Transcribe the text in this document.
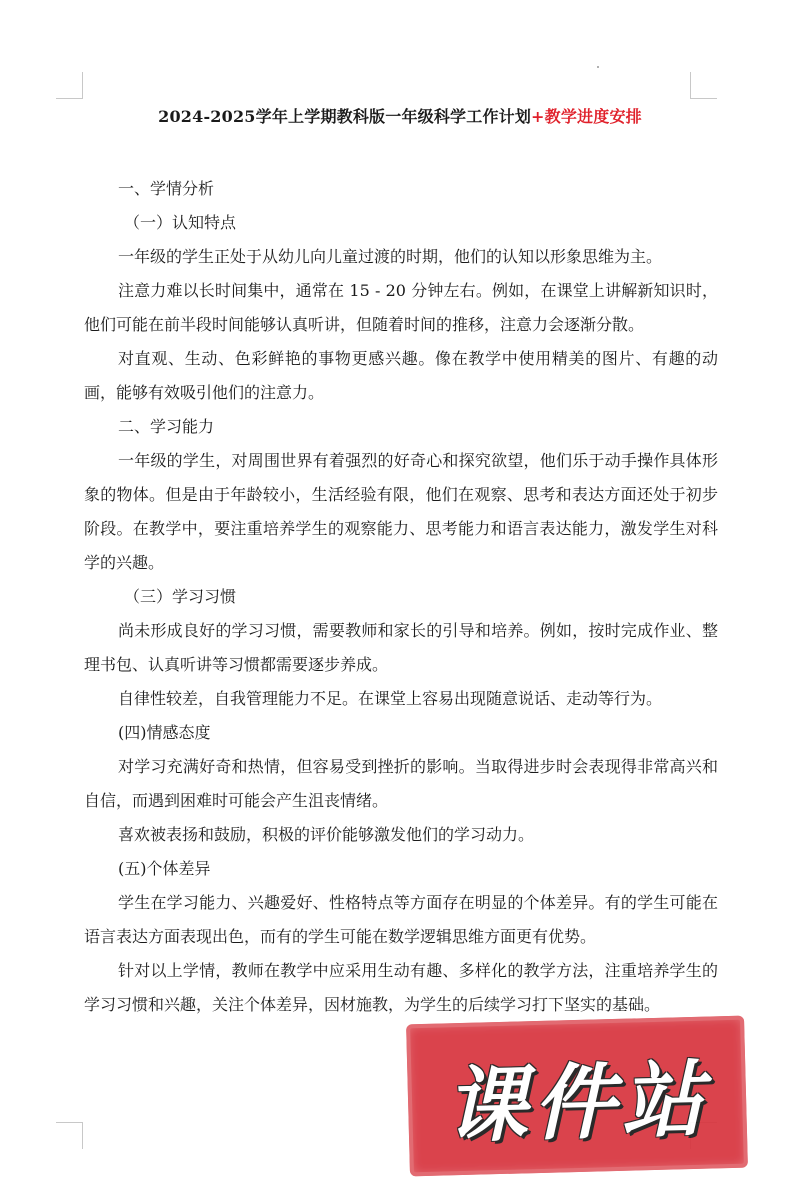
2024-2025学年上学期教科版一年级科学工作计划+教学进度安排

一、学情分析

（一）认知特点

一年级的学生正处于从幼儿向儿童过渡的时期，他们的认知以形象思维为主。

注意力难以长时间集中，通常在 15 - 20 分钟左右。例如，在课堂上讲解新知识时，他们可能在前半段时间能够认真听讲，但随着时间的推移，注意力会逐渐分散。

对直观、生动、色彩鲜艳的事物更感兴趣。像在教学中使用精美的图片、有趣的动画，能够有效吸引他们的注意力。

二、学习能力

一年级的学生，对周围世界有着强烈的好奇心和探究欲望，他们乐于动手操作具体形象的物体。但是由于年龄较小，生活经验有限，他们在观察、思考和表达方面还处于初步阶段。在教学中，要注重培养学生的观察能力、思考能力和语言表达能力，激发学生对科学的兴趣。

（三）学习习惯

尚未形成良好的学习习惯，需要教师和家长的引导和培养。例如，按时完成作业、整理书包、认真听讲等习惯都需要逐步养成。

自律性较差，自我管理能力不足。在课堂上容易出现随意说话、走动等行为。

(四)情感态度

对学习充满好奇和热情，但容易受到挫折的影响。当取得进步时会表现得非常高兴和自信，而遇到困难时可能会产生沮丧情绪。

喜欢被表扬和鼓励，积极的评价能够激发他们的学习动力。

(五)个体差异

学生在学习能力、兴趣爱好、性格特点等方面存在明显的个体差异。有的学生可能在语言表达方面表现出色，而有的学生可能在数学逻辑思维方面更有优势。

针对以上学情，教师在教学中应采用生动有趣、多样化的教学方法，注重培养学生的学习习惯和兴趣，关注个体差异，因材施教，为学生的后续学习打下坚实的基础。

课件站
